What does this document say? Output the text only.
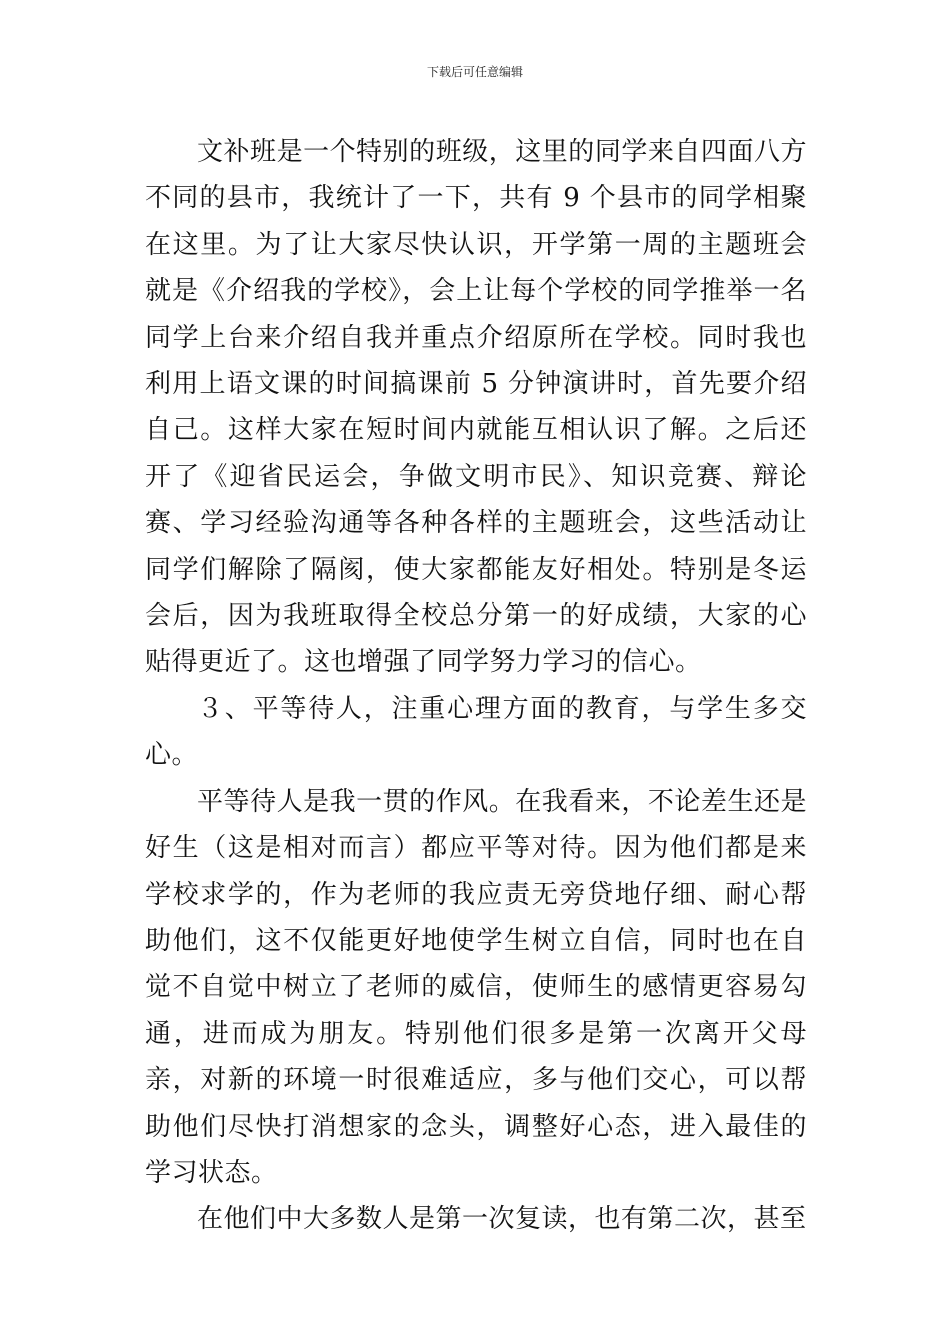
下载后可任意编辑

文补班是一个特别的班级，这里的同学来自四面八方不同的县市，我统计了一下，共有 9 个县市的同学相聚在这里。为了让大家尽快认识，开学第一周的主题班会就是《介绍我的学校》，会上让每个学校的同学推举一名同学上台来介绍自我并重点介绍原所在学校。同时我也利用上语文课的时间搞课前 5 分钟演讲时，首先要介绍自己。这样大家在短时间内就能互相认识了解。之后还开了《迎省民运会，争做文明市民》、知识竞赛、辩论赛、学习经验沟通等各种各样的主题班会，这些活动让同学们解除了隔阂，使大家都能友好相处。特别是冬运会后，因为我班取得全校总分第一的好成绩，大家的心贴得更近了。这也增强了同学努力学习的信心。

３、平等待人，注重心理方面的教育，与学生多交心。

平等待人是我一贯的作风。在我看来，不论差生还是好生（这是相对而言）都应平等对待。因为他们都是来学校求学的，作为老师的我应责无旁贷地仔细、耐心帮助他们，这不仅能更好地使学生树立自信，同时也在自觉不自觉中树立了老师的威信，使师生的感情更容易勾通，进而成为朋友。特别他们很多是第一次离开父母亲，对新的环境一时很难适应，多与他们交心，可以帮助他们尽快打消想家的念头，调整好心态，进入最佳的学习状态。

在他们中大多数人是第一次复读，也有第二次，甚至
